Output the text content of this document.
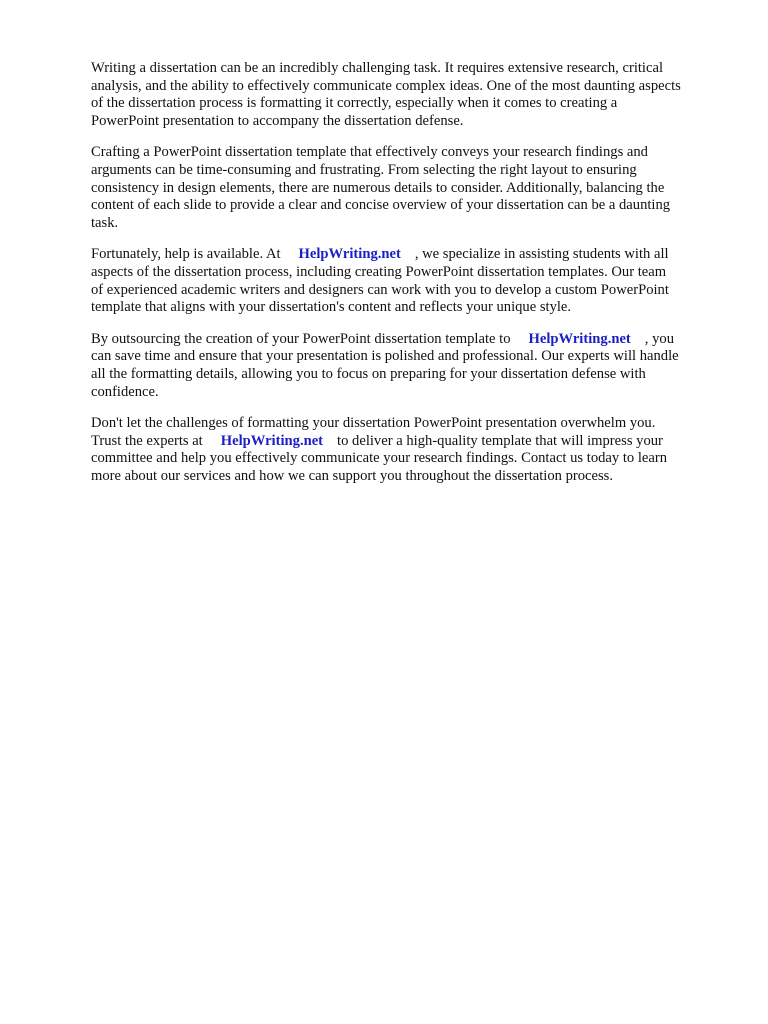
Writing a dissertation can be an incredibly challenging task. It requires extensive research, critical
analysis, and the ability to effectively communicate complex ideas. One of the most daunting aspects
of the dissertation process is formatting it correctly, especially when it comes to creating a
PowerPoint presentation to accompany the dissertation defense.

Crafting a PowerPoint dissertation template that effectively conveys your research findings and
arguments can be time-consuming and frustrating. From selecting the right layout to ensuring
consistency in design elements, there are numerous details to consider. Additionally, balancing the
content of each slide to provide a clear and concise overview of your dissertation can be a daunting
task.

Fortunately, help is available. At HelpWriting.net , we specialize in assisting students with all
aspects of the dissertation process, including creating PowerPoint dissertation templates. Our team
of experienced academic writers and designers can work with you to develop a custom PowerPoint
template that aligns with your dissertation's content and reflects your unique style.

By outsourcing the creation of your PowerPoint dissertation template to HelpWriting.net , you
can save time and ensure that your presentation is polished and professional. Our experts will handle
all the formatting details, allowing you to focus on preparing for your dissertation defense with
confidence.

Don't let the challenges of formatting your dissertation PowerPoint presentation overwhelm you.
Trust the experts at HelpWriting.net to deliver a high-quality template that will impress your
committee and help you effectively communicate your research findings. Contact us today to learn
more about our services and how we can support you throughout the dissertation process.
